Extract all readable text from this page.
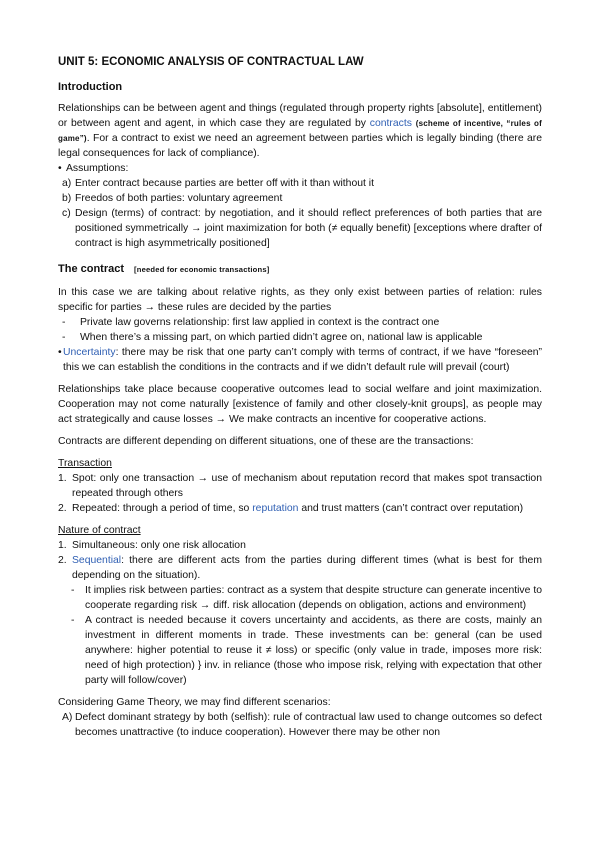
UNIT 5: ECONOMIC ANALYSIS OF CONTRACTUAL LAW
Introduction

Relationships can be between agent and things (regulated through property rights [absolute], entitlement) or between agent and agent, in which case they are regulated by contracts (scheme of incentive, “rules of game”). For a contract to exist we need an agreement between parties which is legally binding (there are legal consequences for lack of compliance).

• Assumptions:
a) Enter contract because parties are better off with it than without it
b) Freedos of both parties: voluntary agreement
c) Design (terms) of contract: by negotiation, and it should reflect preferences of both parties that are positioned symmetrically → joint maximization for both (≠ equally benefit) [exceptions where drafter of contract is high asymmetrically positioned]
The contract [needed for economic transactions]

In this case we are talking about relative rights, as they only exist between parties of relation: rules specific for parties → these rules are decided by the parties

-	Private law governs relationship: first law applied in context is the contract one
-	When there’s a missing part, on which partied didn’t agree on, national law is applicable
• Uncertainty: there may be risk that one party can’t comply with terms of contract, if we have “foreseen” this we can establish the conditions in the contracts and if we didn’t default rule will prevail (court)

Relationships take place because cooperative outcomes lead to social welfare and joint maximization. Cooperation may not come naturally [existence of family and other closely-knit groups], as people may act strategically and cause losses → We make contracts an incentive for cooperative actions.

Contracts are different depending on different situations, one of these are the transactions:

Transaction
1. Spot: only one transaction → use of mechanism about reputation record that makes spot transaction repeated through others
2. Repeated: through a period of time, so reputation and trust matters (can’t contract over reputation)
Nature of contract
1. Simultaneous: only one risk allocation
2. Sequential: there are different acts from the parties during different times (what is best for them depending on the situation).
-	It implies risk between parties: contract as a system that despite structure can generate incentive to cooperate regarding risk → diff. risk allocation (depends on obligation, actions and environment)
-	A contract is needed because it covers uncertainty and accidents, as there are costs, mainly an investment in different moments in trade. These investments can be: general (can be used anywhere: higher potential to reuse it ≠ loss) or specific (only value in trade, imposes more risk: need of high protection) } inv. in reliance (those who impose risk, relying with expectation that other party will follow/cover)

Considering Game Theory, we may find different scenarios:

A) Defect dominant strategy by both (selfish): rule of contractual law used to change outcomes so defect becomes unattractive (to induce cooperation). However there may be other non
